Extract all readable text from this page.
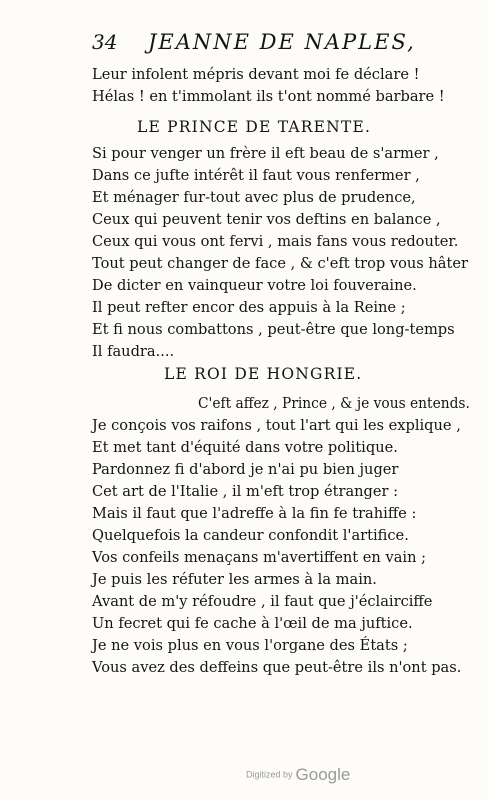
34 JEANNE DE NAPLES,
Leur infolent mépris devant moi fe déclare !
Hélas ! en t'immolant ils t'ont nommé barbare !
LE PRINCE DE TARENTE.
Si pour venger un frère il eft beau de s'armer ,
Dans ce jufte intérêt il faut vous renfermer ,
Et ménager fur-tout avec plus de prudence,
Ceux qui peuvent tenir vos deftins en balance ,
Ceux qui vous ont fervi , mais fans vous redouter.
Tout peut changer de face , & c'eft trop vous hâter
De dicter en vainqueur votre loi fouveraine.
Il peut refter encor des appuis à la Reine ;
Et fi nous combattons , peut-être que long-temps
Il faudra....
LE ROI DE HONGRIE.
C'eft affez , Prince , & je vous entends.
Je conçois vos raifons , tout l'art qui les explique ,
Et met tant d'équité dans votre politique.
Pardonnez fi d'abord je n'ai pu bien juger
Cet art de l'Italie , il m'eft trop étranger :
Mais il faut que l'adreffe à la fin fe trahiffe :
Quelquefois la candeur confondit l'artifice.
Vos confeils menaçans m'avertiffent en vain ;
Je puis les réfuter les armes à la main.
Avant de m'y réfoudre , il faut que j'éclairciffe
Un fecret qui fe cache à l'œil de ma juftice.
Je ne vois plus en vous l'organe des États ;
Vous avez des deffeins que peut-être ils n'ont pas.
Digitized by Google
